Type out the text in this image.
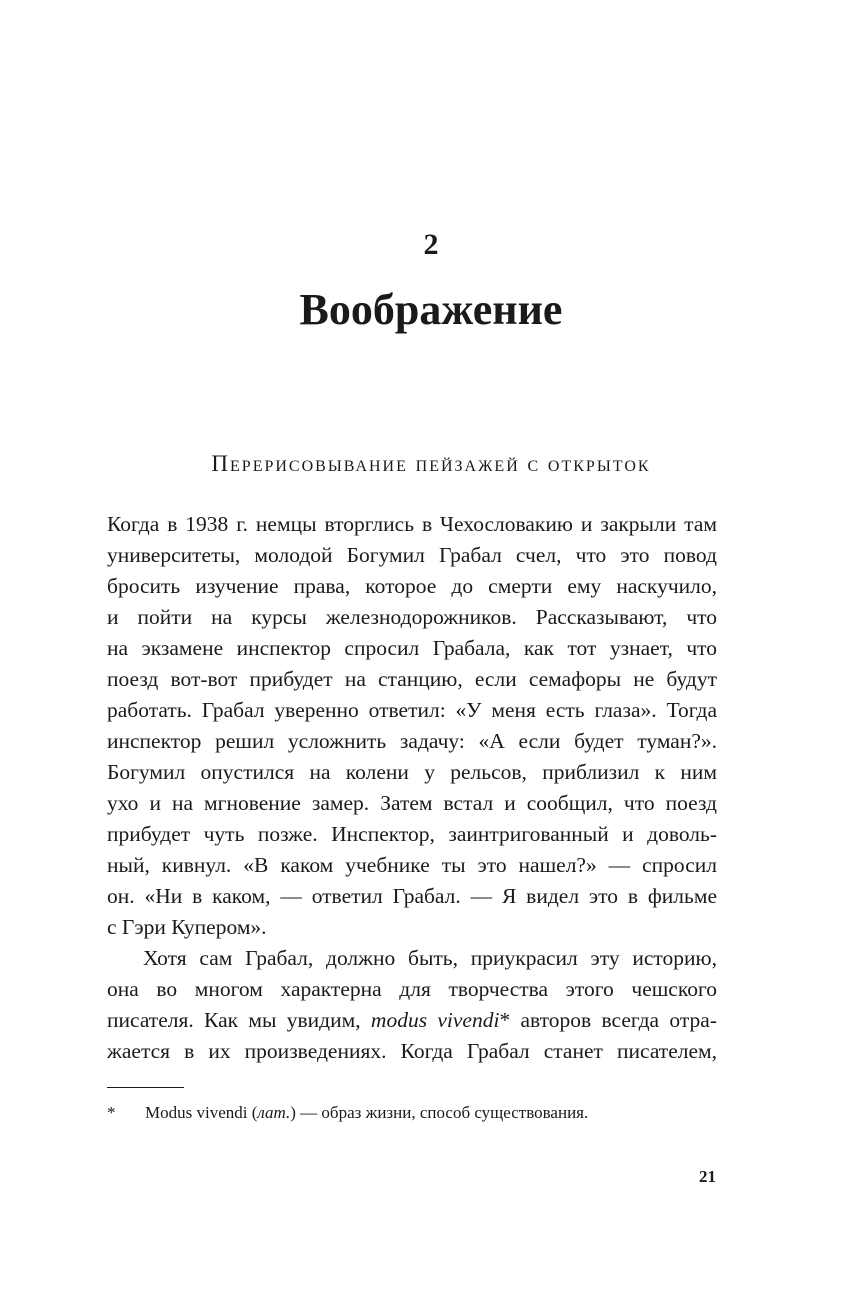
2
Воображение
Перерисовывание пейзажей с открыток
Когда в 1938 г. немцы вторглись в Чехословакию и закрыли там
университеты, молодой Богумил Грабал счел, что это повод
бросить изучение права, которое до смерти ему наскучило,
и пойти на курсы железнодорожников. Рассказывают, что
на экзамене инспектор спросил Грабала, как тот узнает, что
поезд вот-вот прибудет на станцию, если семафоры не будут
работать. Грабал уверенно ответил: «У меня есть глаза». Тогда
инспектор решил усложнить задачу: «А если будет туман?».
Богумил опустился на колени у рельсов, приблизил к ним
ухо и на мгновение замер. Затем встал и сообщил, что поезд
прибудет чуть позже. Инспектор, заинтригованный и доволь-
ный, кивнул. «В каком учебнике ты это нашел?» — спросил
он. «Ни в каком, — ответил Грабал. — Я видел это в фильме
с Гэри Купером».
Хотя сам Грабал, должно быть, приукрасил эту историю,
она во многом характерна для творчества этого чешского
писателя. Как мы увидим, modus vivendi* авторов всегда отра-
жается в их произведениях. Когда Грабал станет писателем,
* Modus vivendi (лат.) — образ жизни, способ существования.
21
